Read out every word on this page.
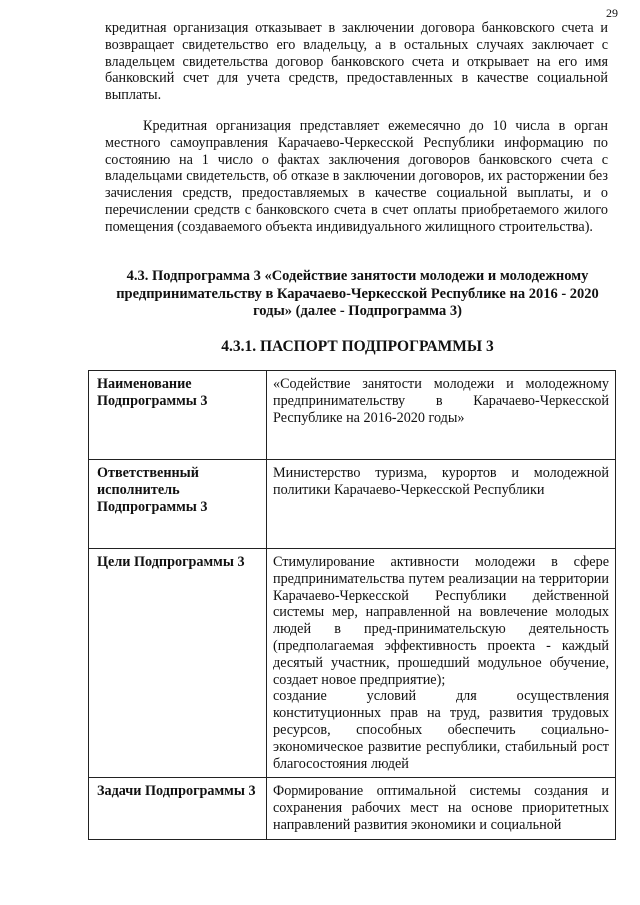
29

кредитная организация отказывает в заключении договора банковского счета и возвращает свидетельство его владельцу, а в остальных случаях заключает с владельцем свидетельства договор банковского счета и открывает на его имя банковский счет для учета средств, предоставленных в качестве социальной выплаты.

Кредитная организация представляет ежемесячно до 10 числа в орган местного самоуправления Карачаево-Черкесской Республики информацию по состоянию на 1 число о фактах заключения договоров банковского счета с владельцами свидетельств, об отказе в заключении договоров, их расторжении без зачисления средств, предоставляемых в качестве социальной выплаты, и о перечислении средств с банковского счета в счет оплаты приобретаемого жилого помещения (создаваемого объекта индивидуального жилищного строительства).

4.3. Подпрограмма 3 «Содействие занятости молодежи и молодежному предпринимательству в Карачаево-Черкесской Республике на 2016 - 2020 годы» (далее - Подпрограмма 3)

4.3.1. ПАСПОРТ ПОДПРОГРАММЫ 3

Наименование Подпрограммы 3	«Содействие занятости молодежи и молодежному предпринимательству в Карачаево-Черкесской Республике на 2016-2020 годы»
Ответственный исполнитель Подпрограммы 3	Министерство туризма, курортов и молодежной политики Карачаево-Черкесской Республики
Цели Подпрограммы 3	Стимулирование активности молодежи в сфере предпринимательства путем реализации на территории Карачаево-Черкесской Республики действенной системы мер, направленной на вовлечение молодых людей в пред-принимательскую деятельность (предполагаемая эффективность проекта - каждый десятый участник, прошедший модульное обучение, создает новое предприятие);
создание условий для осуществления конституционных прав на труд, развития трудовых ресурсов, способных обеспечить социально-экономическое развитие республики, стабильный рост благосостояния людей

Задачи Подпрограммы 3	Формирование оптимальной системы создания и сохранения рабочих мест на основе приоритетных направлений развития экономики и социальной
